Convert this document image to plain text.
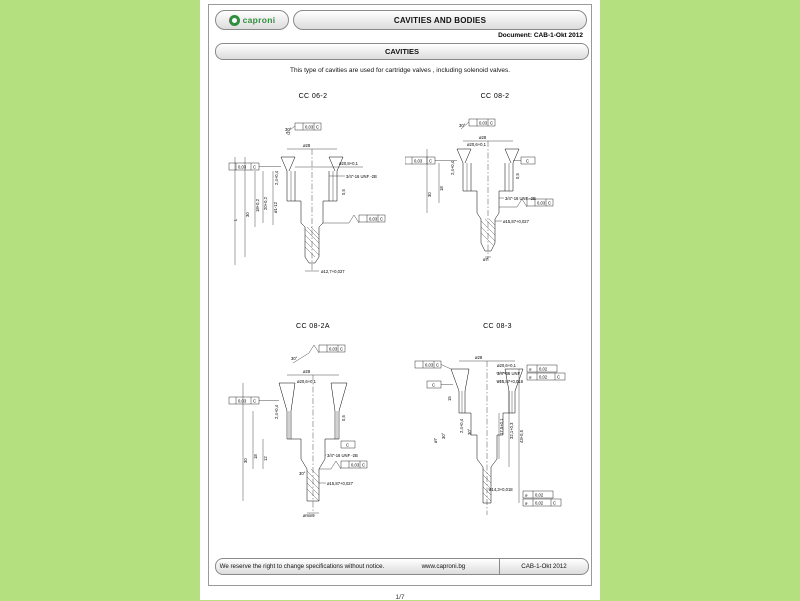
caproni	CAVITIES AND BODIES
Document: CAB-1-Okt 2012
CAVITIES
This type of cavities are used for cartridge valves , including solenoid valves.
CC 06-2
0,03 C
30°
0,03 C
ø28
ø20,8+0,1
2,4+0,4	3/4"-16 UNF -2B
0,5
ø1-12
20+0,2
18+0,2
30
L	0,03 C
ø12,7+0,027
CC 08-2
0,03 C
30°
0,03 C
ø28
ø20,6+0,1
2,4+0,4
0,5
C
3/4"-16 UNF -2B
18
30
0,03 C
ø15,87+0,027
ø7
CC 08-2A
0,03 C
30°
0,03 C
ø28
ø20,6+0,1
2,4+0,4	0,5
3/4"-16 UNF -2B
C
0,03 C
12
18
30
30°
ø15,87+0,027
ømin9
CC 08-3
0,03 C
C
ø28
ø20,6+0,1
3/4"-16 UNF
ø15,87+0,018
15
2,4+0,4 30°
30°
ø7
17,5+0,1 32,1+0,3 43+0,5
⌀ 0,02
⌀ 0,02 C
⌀ 0,02
⌀ 0,02 C
ø14,3+0,018
We reserve the right to change specifications without notice.	www.caproni.bg	CAB-1-Okt 2012
1/7
